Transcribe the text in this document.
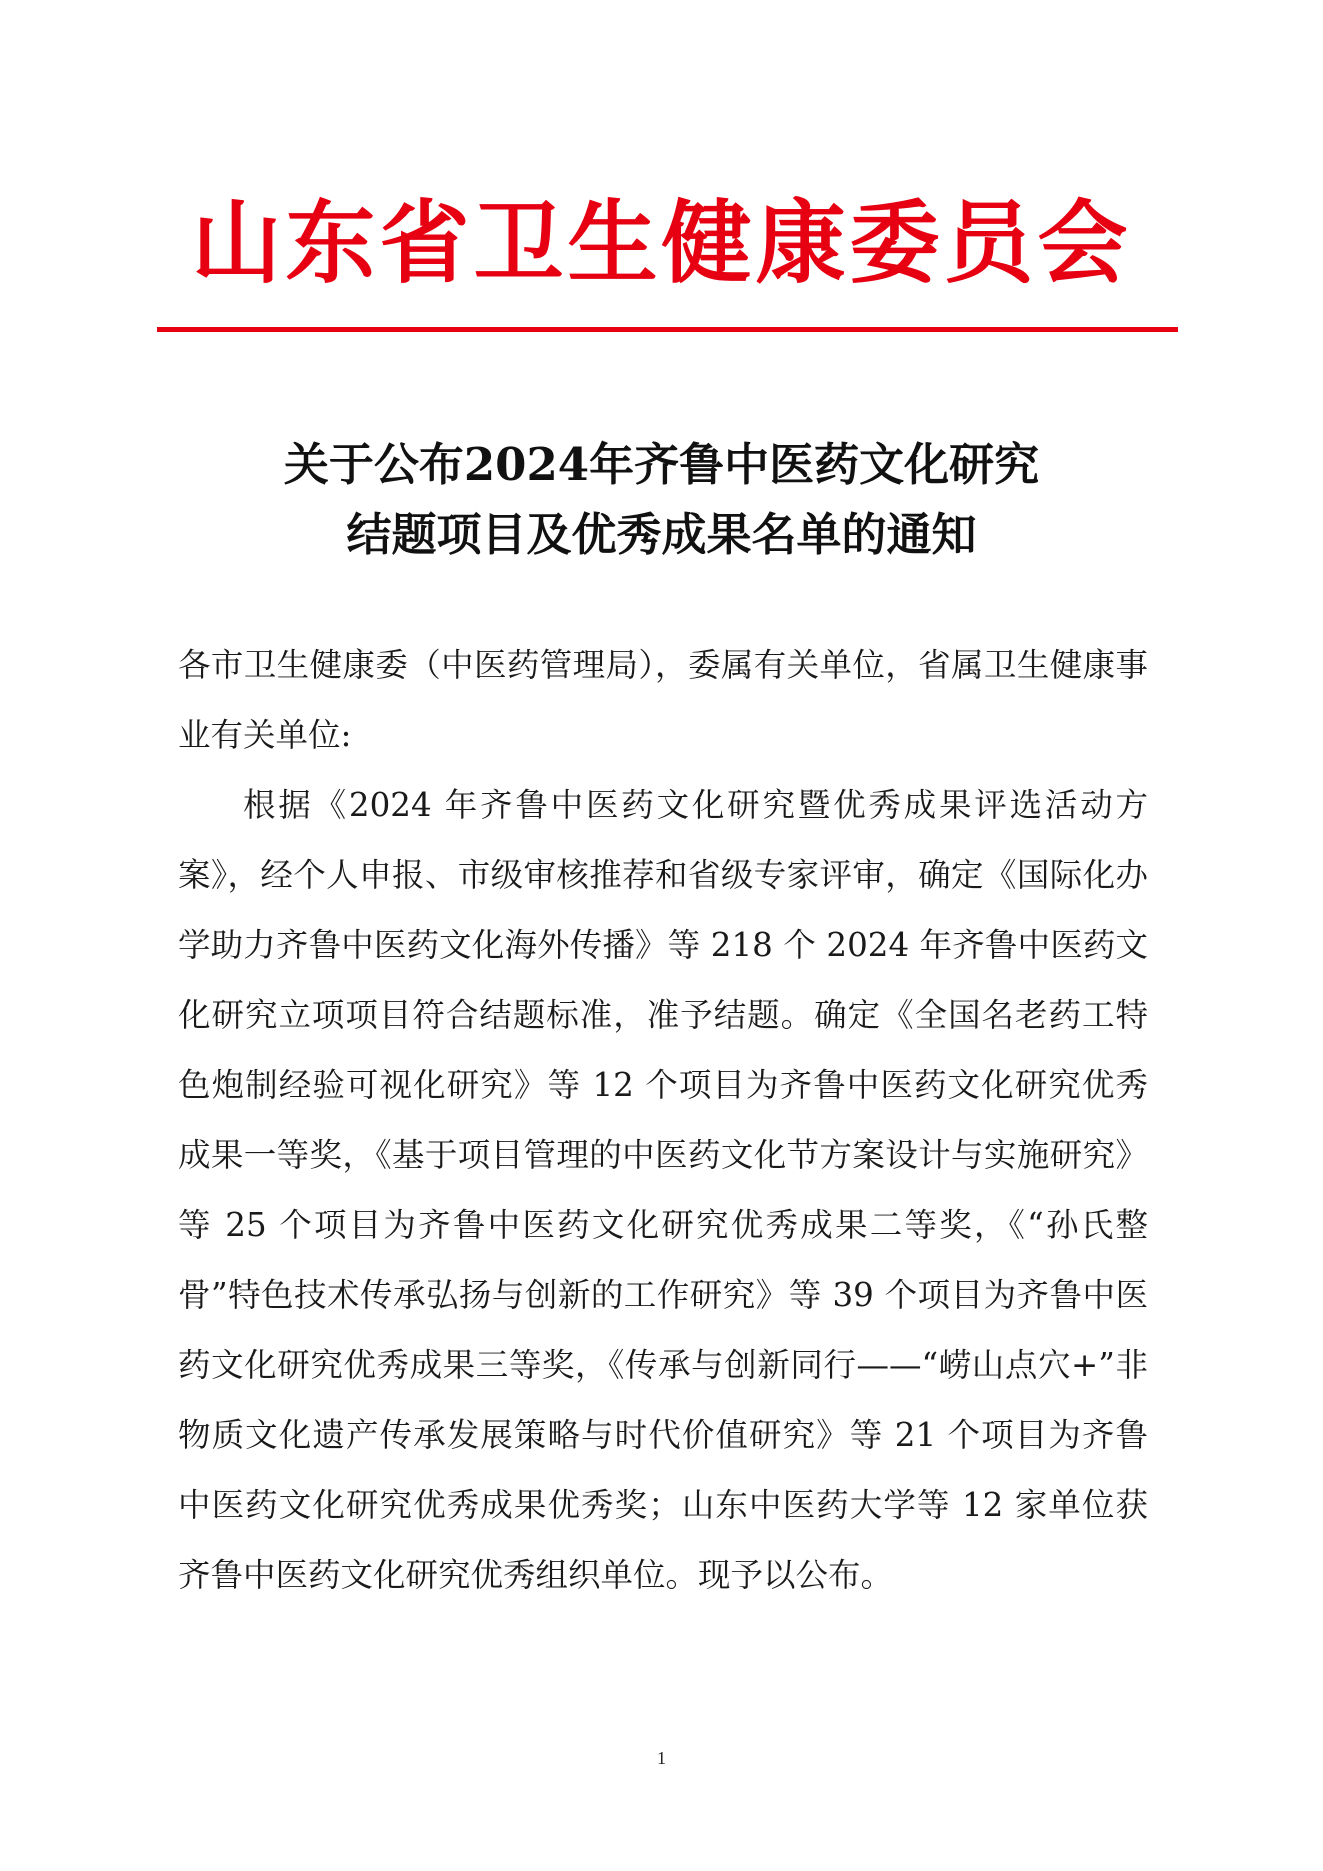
山东省卫生健康委员会
关于公布2024年齐鲁中医药文化研究
结题项目及优秀成果名单的通知

各市卫生健康委（中医药管理局），委属有关单位，省属卫生健康事业有关单位:

根据《2024 年齐鲁中医药文化研究暨优秀成果评选活动方案》，经个人申报、市级审核推荐和省级专家评审，确定《国际化办学助力齐鲁中医药文化海外传播》等 218 个 2024 年齐鲁中医药文化研究立项项目符合结题标准，准予结题。确定《全国名老药工特色炮制经验可视化研究》等 12 个项目为齐鲁中医药文化研究优秀成果一等奖，《基于项目管理的中医药文化节方案设计与实施研究》等 25 个项目为齐鲁中医药文化研究优秀成果二等奖，《“孙氏整骨”特色技术传承弘扬与创新的工作研究》等 39 个项目为齐鲁中医药文化研究优秀成果三等奖，《传承与创新同行——“崂山点穴+”非物质文化遗产传承发展策略与时代价值研究》等 21 个项目为齐鲁中医药文化研究优秀成果优秀奖；山东中医药大学等 12 家单位获齐鲁中医药文化研究优秀组织单位。现予以公布。

1
